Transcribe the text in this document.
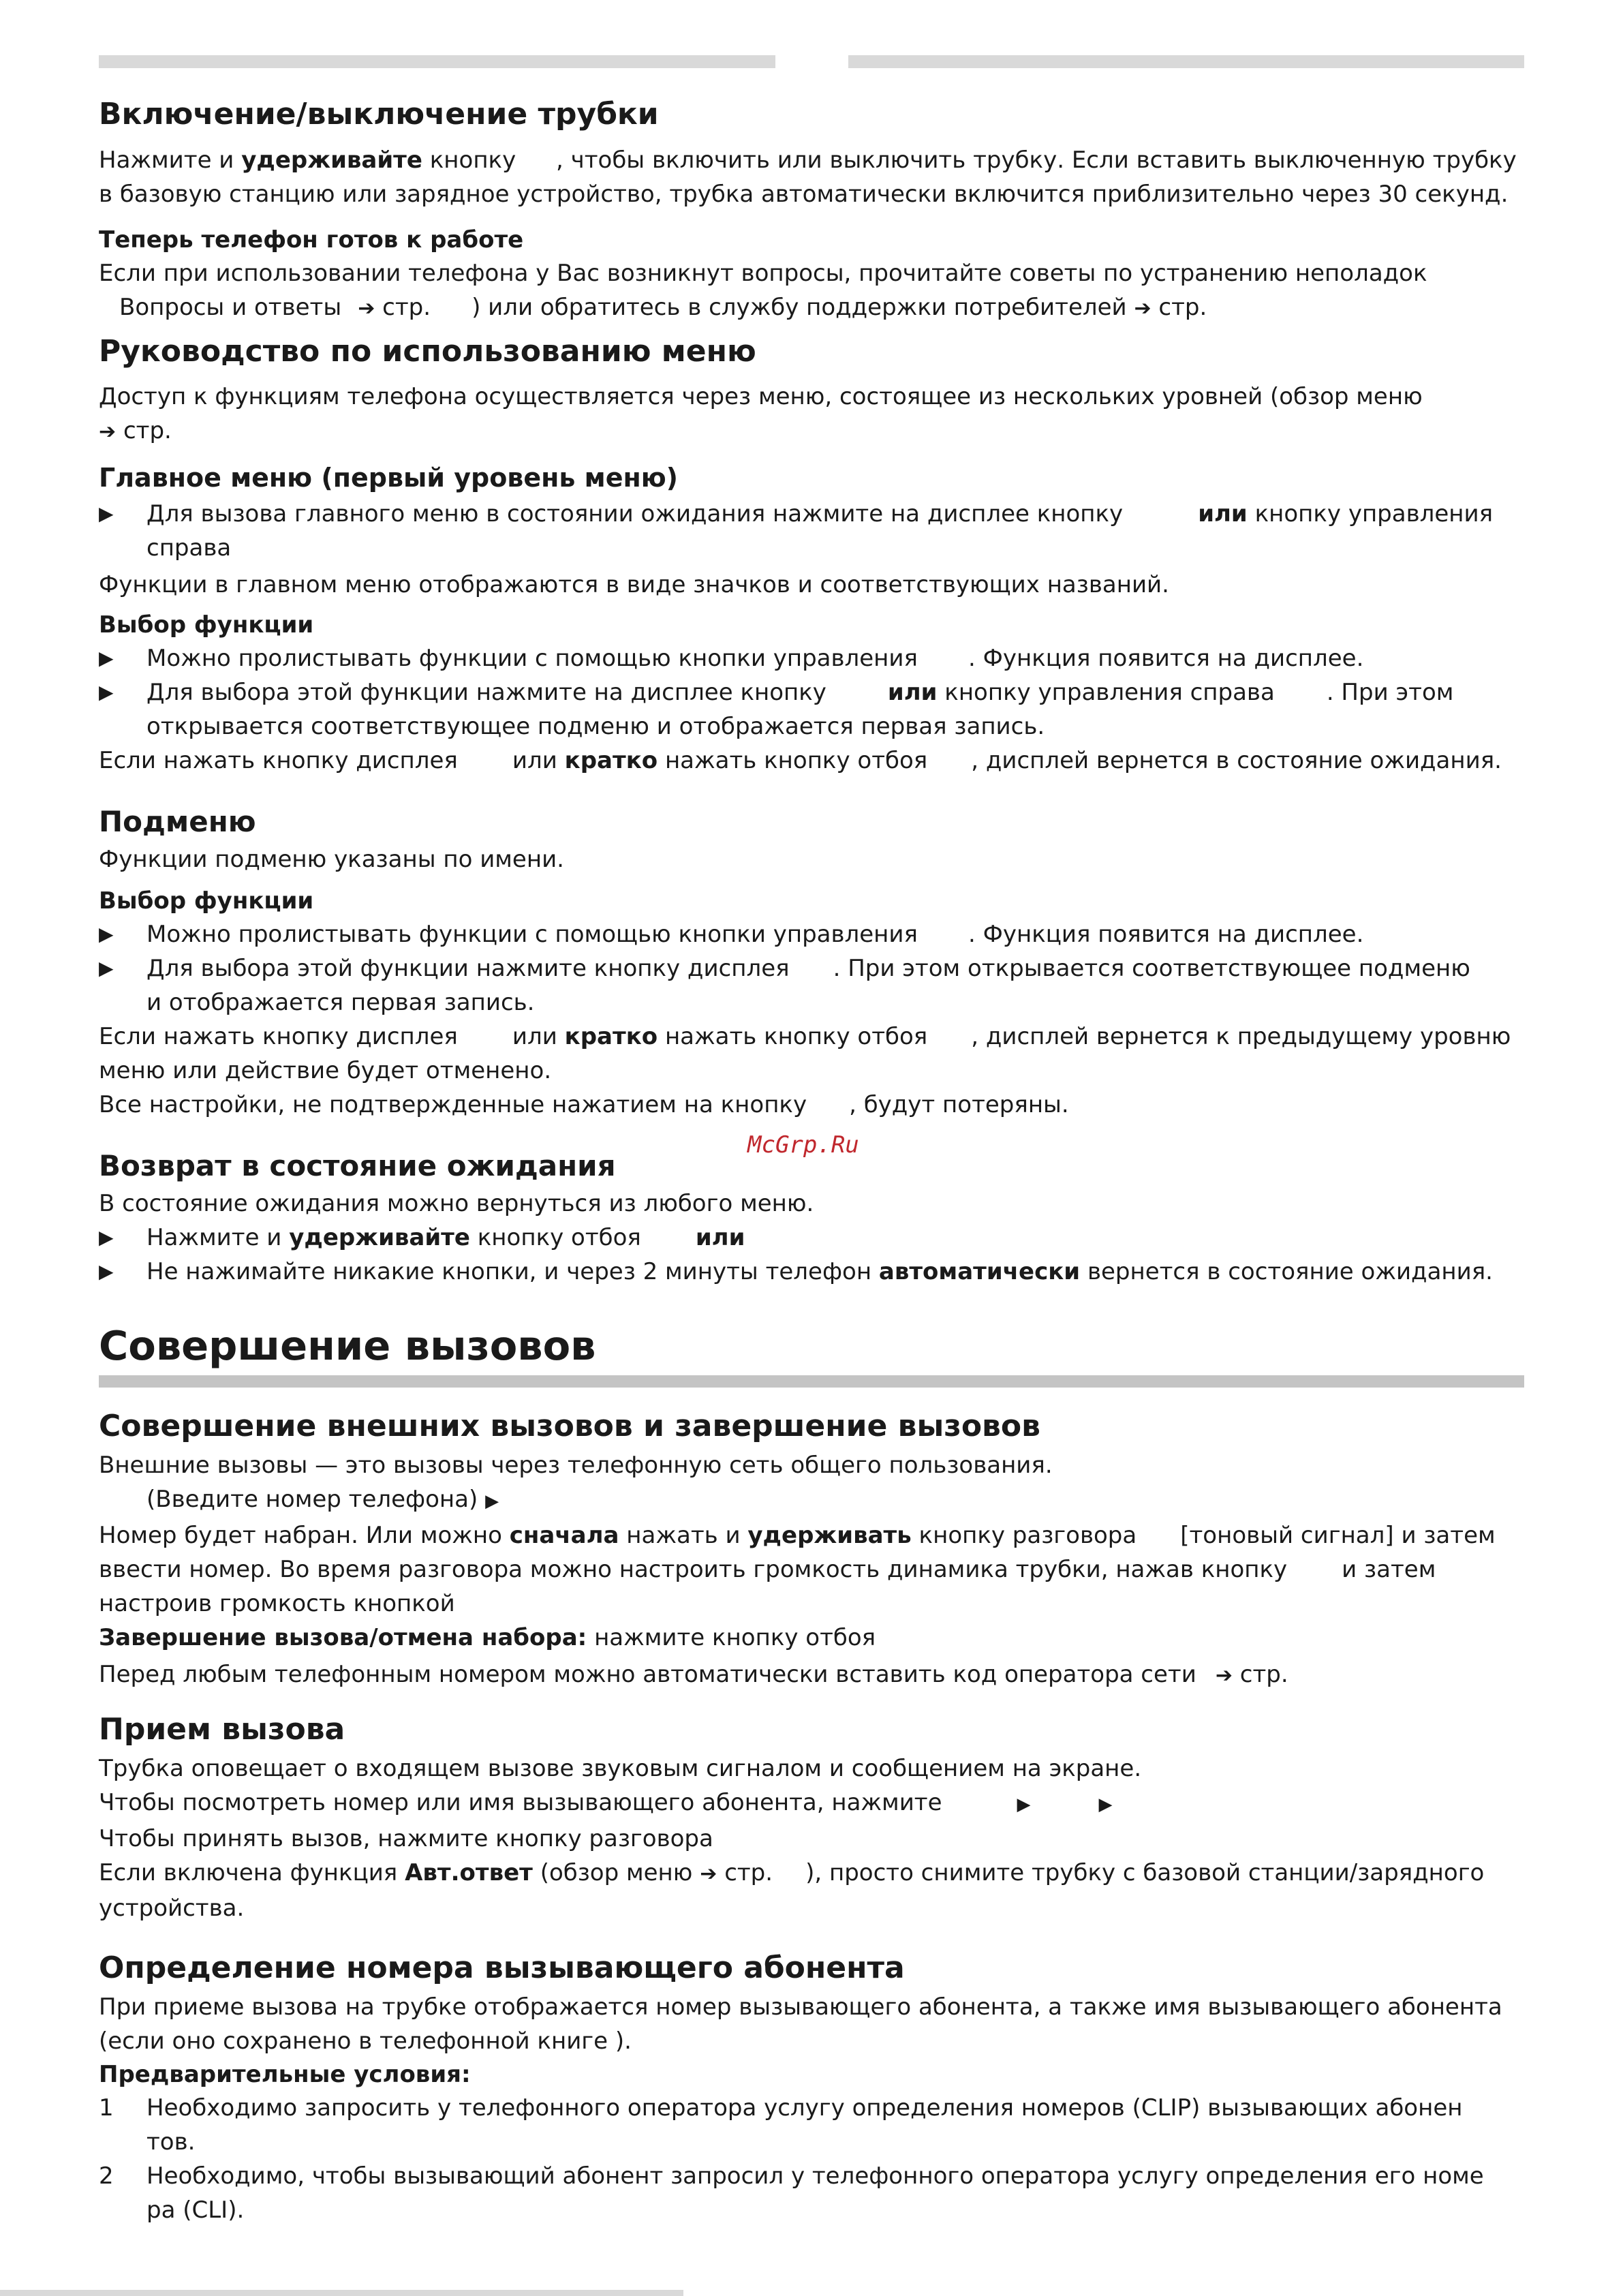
Включение/выключение трубки

Нажмите и удерживайте кнопку , чтобы включить или выключить трубку. Если вставить выключенную трубку

в базовую станцию или зарядное устройство, трубка автоматически включится приблизительно через 30 секунд.

Теперь телефон готов к работе

Если при использовании телефона у Вас возникнут вопросы, прочитайте советы по устранению неполадок

Вопросы и ответы ➔ стр. ) или обратитесь в службу поддержки потребителей ➔ стр.

Руководство по использованию меню

Доступ к функциям телефона осуществляется через меню, состоящее из нескольких уровней (обзор меню

➔ стр.

Главное меню (первый уровень меню)

▶	Для вызова главного меню в состоянии ожидания нажмите на дисплее кнопку	или кнопку управления

справа

Функции в главном меню отображаются в виде значков и соответствующих названий.

Выбор функции

▶	Можно пролистывать функции с помощью кнопки управления . Функция появится на дисплее.

▶	Для выбора этой функции нажмите на дисплее кнопку	или кнопку управления справа . При этом

открывается соответствующее подменю и отображается первая запись.

Если нажать кнопку дисплея или кратко нажать кнопку отбоя , дисплей вернется в состояние ожидания.

Подменю

Функции подменю указаны по имени.

Выбор функции

▶	Можно пролистывать функции с помощью кнопки управления . Функция появится на дисплее.

▶	Для выбора этой функции нажмите кнопку дисплея . При этом открывается соответствующее подменю

и отображается первая запись.

Если нажать кнопку дисплея или кратко нажать кнопку отбоя , дисплей вернется к предыдущему уровню

меню или действие будет отменено.

Все настройки, не подтвержденные нажатием на кнопку , будут потеряны.

Возврат в состояние ожидания

В состояние ожидания можно вернуться из любого меню.

▶	Нажмите и удерживайте кнопку отбоя или

▶	Не нажимайте никакие кнопки, и через 2 минуты телефон автоматически вернется в состояние ожидания.

Совершение вызовов

Совершение внешних вызовов и завершение вызовов

Внешние вызовы — это вызовы через телефонную сеть общего пользования.

(Введите номер телефона) ▶

Номер будет набран. Или можно сначала нажать и удерживать кнопку разговора [тоновый сигнал] и затем

ввести номер. Во время разговора можно настроить громкость динамика трубки, нажав кнопку и затем

настроив громкость кнопкой

Завершение вызова/отмена набора: нажмите кнопку отбоя

Перед любым телефонным номером можно автоматически вставить код оператора сети ➔ стр.

Прием вызова

Трубка оповещает о входящем вызове звуковым сигналом и сообщением на экране.

Чтобы посмотреть номер или имя вызывающего абонента, нажмите	▶	▶

Чтобы принять вызов, нажмите кнопку разговора

Если включена функция Авт.ответ (обзор меню ➔ стр. ), просто снимите трубку с базовой станции/зарядного

устройства.

Определение номера вызывающего абонента

При приеме вызова на трубке отображается номер вызывающего абонента, а также имя вызывающего абонента

(если оно сохранено в телефонной книге ).

Предварительные условия:

1	Необходимо запросить у телефонного оператора услугу определения номеров (CLIP) вызывающих абонен

тов.

2	Необходимо, чтобы вызывающий абонент запросил у телефонного оператора услугу определения его номе

ра (CLI).

McGrp.Ru
